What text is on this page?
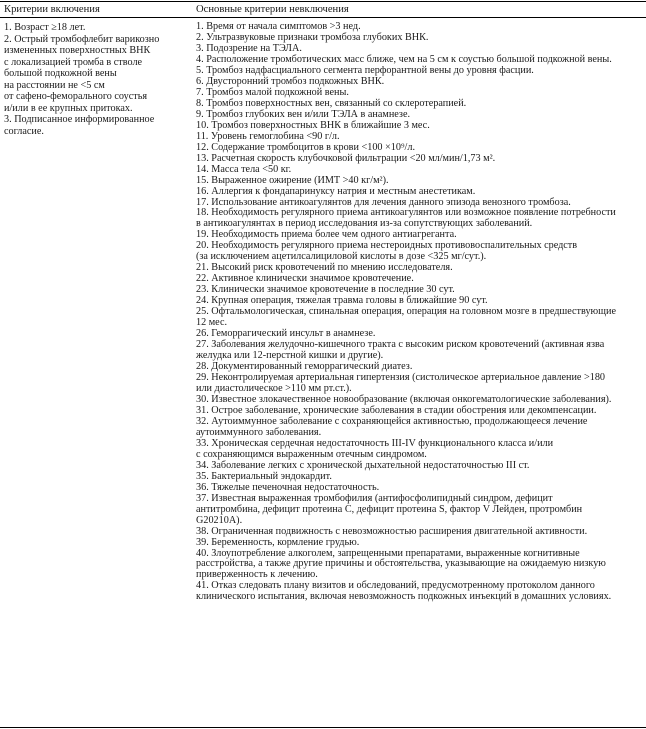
Критерии включения	Основные критерии невключения
1. Возраст ≥18 лет.
2. Острый тромбофлебит варикозно
измененных поверхностных ВНК
с локализацией тромба в стволе
большой подкожной вены
на расстоянии не <5 см
от сафено-феморального соустья
и/или в ее крупных притоках.
3. Подписанное информированное
согласие.
1. Время от начала симптомов >3 нед.
2. Ультразвуковые признаки тромбоза глубоких ВНК.
3. Подозрение на ТЭЛА.
4. Расположение тромботических масс ближе, чем на 5 см к соустью большой подкожной вены.
5. Тромбоз надфасциального сегмента перфорантной вены до уровня фасции.
6. Двусторонний тромбоз подкожных ВНК.
7. Тромбоз малой подкожной вены.
8. Тромбоз поверхностных вен, связанный со склеротерапией.
9. Тромбоз глубоких вен и/или ТЭЛА в анамнезе.
10. Тромбоз поверхностных ВНК в ближайшие 3 мес.
11. Уровень гемоглобина <90 г/л.
12. Содержание тромбоцитов в крови <100 ×10⁹/л.
13. Расчетная скорость клубочковой фильтрации <20 мл/мин/1,73 м².
14. Масса тела <50 кг.
15. Выраженное ожирение (ИМТ >40 кг/м²).
16. Аллергия к фондапаринуксу натрия и местным анестетикам.
17. Использование антикоагулянтов для лечения данного эпизода венозного тромбоза.
18. Необходимость регулярного приема антикоагулянтов или возможное появление потребности
в антикоагулянтах в период исследования из-за сопутствующих заболеваний.
19. Необходимость приема более чем одного антиагреганта.
20. Необходимость регулярного приема нестероидных противовоспалительных средств
(за исключением ацетилсалициловой кислоты в дозе <325 мг/сут.).
21. Высокий риск кровотечений по мнению исследователя.
22. Активное клинически значимое кровотечение.
23. Клинически значимое кровотечение в последние 30 сут.
24. Крупная операция, тяжелая травма головы в ближайшие 90 сут.
25. Офтальмологическая, спинальная операция, операция на головном мозге в предшествующие
12 мес.
26. Геморрагический инсульт в анамнезе.
27. Заболевания желудочно-кишечного тракта с высоким риском кровотечений (активная язва
желудка или 12-перстной кишки и другие).
28. Документированный геморрагический диатез.
29. Неконтролируемая артериальная гипертензия (систолическое артериальное давление >180
или диастолическое >110 мм рт.ст.).
30. Известное злокачественное новообразование (включая онкогематологические заболевания).
31. Острое заболевание, хронические заболевания в стадии обострения или декомпенсации.
32. Аутоиммунное заболевание с сохраняющейся активностью, продолжающееся лечение
аутоиммунного заболевания.
33. Хроническая сердечная недостаточность III-IV функционального класса и/или
с сохраняющимся выраженным отечным синдромом.
34. Заболевание легких с хронической дыхательной недостаточностью III ст.
35. Бактериальный эндокардит.
36. Тяжелые печеночная недостаточность.
37. Известная выраженная тромбофилия (антифосфолипидный синдром, дефицит
антитромбина, дефицит протеина С, дефицит протеина S, фактор V Лейден, протромбин
G20210A).
38. Ограниченная подвижность с невозможностью расширения двигательной активности.
39. Беременность, кормление грудью.
40. Злоупотребление алкоголем, запрещенными препаратами, выраженные когнитивные
расстройства, а также другие причины и обстоятельства, указывающие на ожидаемую низкую
приверженность к лечению.
41. Отказ следовать плану визитов и обследований, предусмотренному протоколом данного
клинического испытания, включая невозможность подкожных инъекций в домашних условиях.
